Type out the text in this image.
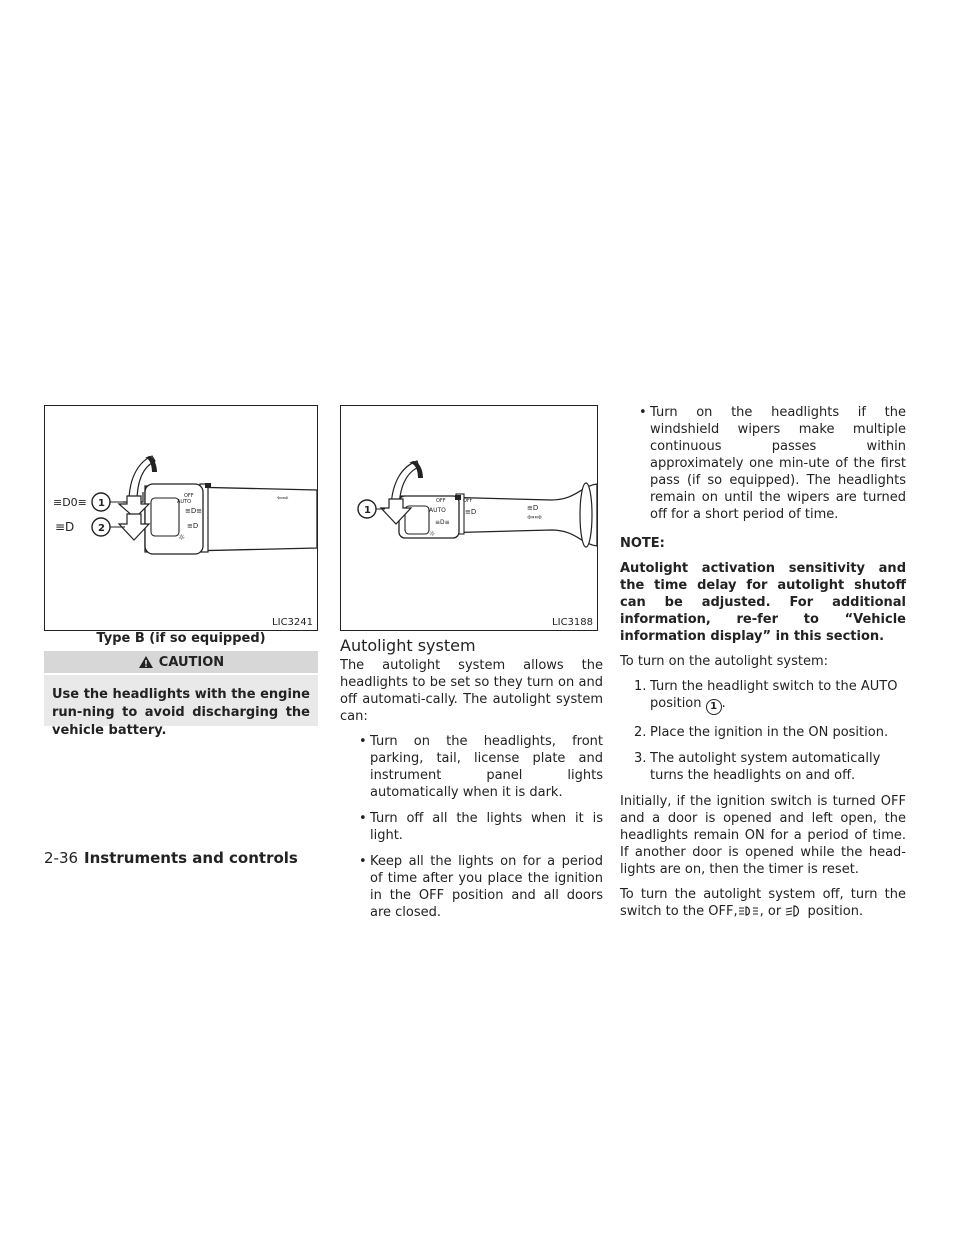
OFF
AUTO
≡D≡
≡D
☼
⇦⇨
1
2
≡D0≡
≡D
LIC3241
Type B (if so equipped)
OFF	OFF
AUTO
≡D≡
≡D
☼
≡D
⇦⇨
1
LIC3188
CAUTION
Use the headlights with the engine run-ning to avoid discharging the vehicle battery.
Autolight system

The autolight system allows the headlights to be set so they turn on and off automati-cally. The autolight system can:

• Turn on the headlights, front parking, tail, license plate and instrument panel lights automatically when it is dark.
• Turn off all the lights when it is light.
• Keep all the lights on for a period of time after you place the ignition in the OFF position and all doors are closed.
• Turn on the headlights if the windshield wipers make multiple continuous passes within approximately one min-ute of the first pass (if so equipped). The headlights remain on until the wipers are turned off for a short period of time.

NOTE:

Autolight activation sensitivity and the time delay for autolight shutoff can be adjusted. For additional information, re-fer to “Vehicle information display” in this section.

To turn on the autolight system:

1. Turn the headlight switch to the AUTO position 1 .
2. Place the ignition in the ON position.
3. The autolight system automatically turns the headlights on and off.

Initially, if the ignition switch is turned OFF and a door is opened and left open, the headlights remain ON for a period of time. If another door is opened while the head-lights are on, then the timer is reset.

To turn the autolight system off, turn the switch to the OFF, , or position.

2-36 Instruments and controls
